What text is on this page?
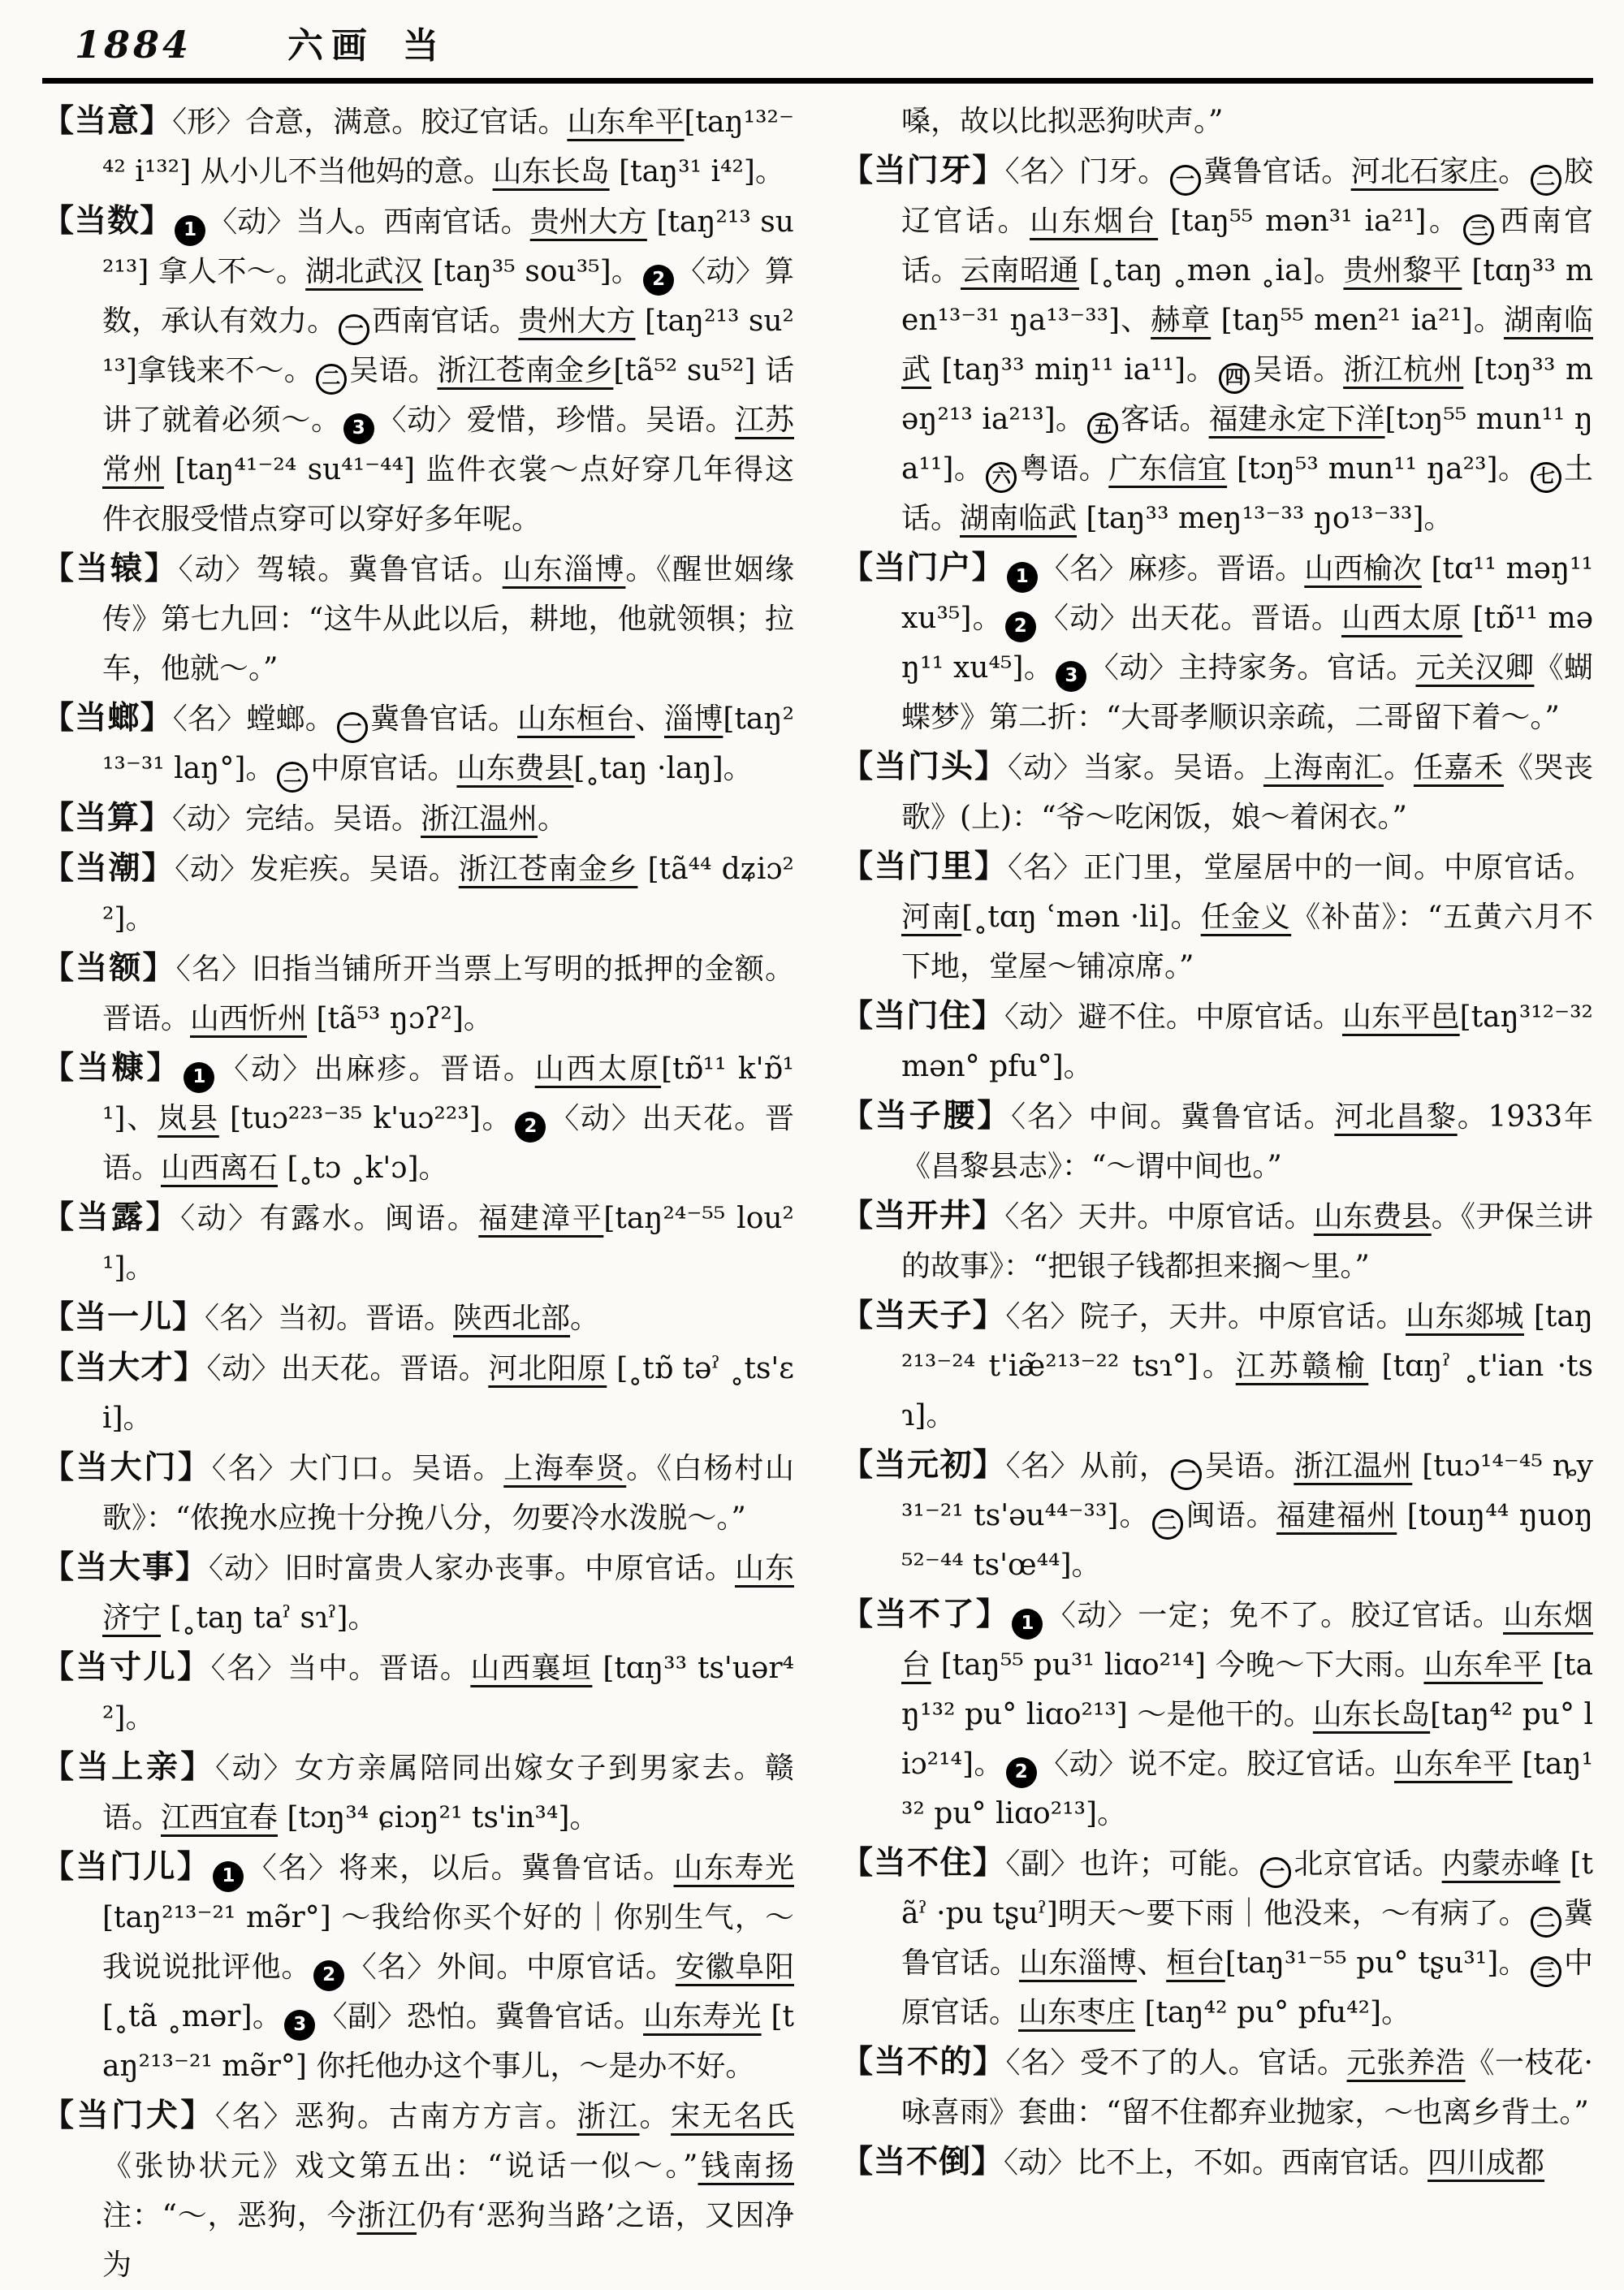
1884	六画 当

【当意】〈形〉合意，满意。胶辽官话。山东牟平[taŋ¹³²⁻⁴² i¹³²] 从小儿不当他妈的意。山东长岛 [taŋ³¹ i⁴²]。

【当数】 1 〈动〉当人。西南官话。贵州大方 [taŋ²¹³ su²¹³] 拿人不～。湖北武汉 [taŋ³⁵ sou³⁵]。 2 〈动〉算数，承认有效力。 一 西南官话。贵州大方 [taŋ²¹³ su²¹³]拿钱来不～。 二 吴语。浙江苍南金乡[tã⁵² su⁵²] 话讲了就着必须～。 3 〈动〉爱惜，珍惜。吴语。江苏常州 [taŋ⁴¹⁻²⁴ su⁴¹⁻⁴⁴] 监件衣裳～点好穿几年得这件衣服受惜点穿可以穿好多年呢。

【当辕】〈动〉驾辕。冀鲁官话。山东淄博。《醒世姻缘传》第七九回：“这牛从此以后，耕地，他就领犋；拉车，他就～。”

【当螂】〈名〉螳螂。 一 冀鲁官话。山东桓台、淄博[taŋ²¹³⁻³¹ laŋ°]。 二 中原官话。山东费县[˳taŋ ·laŋ]。

【当算】〈动〉完结。吴语。浙江温州。

【当潮】〈动〉发疟疾。吴语。浙江苍南金乡 [tã⁴⁴ dʑiɔ²²]。

【当额】〈名〉旧指当铺所开当票上写明的抵押的金额。晋语。山西忻州 [tã⁵³ ŋɔʔ²]。

【当糠】 1 〈动〉出麻疹。晋语。山西太原[tɒ̃¹¹ k'ɒ̃¹¹]、岚县 [tuɔ²²³⁻³⁵ k'uɔ²²³]。 2 〈动〉出天花。晋语。山西离石 [˳tɔ ˳k'ɔ]。

【当露】〈动〉有露水。闽语。福建漳平[taŋ²⁴⁻⁵⁵ lou²¹]。

【当一儿】〈名〉当初。晋语。陕西北部。

【当大才】〈动〉出天花。晋语。河北阳原 [˳tɒ̃ təˀ ˳ts'ɛi]。

【当大门】〈名〉大门口。吴语。上海奉贤。《白杨村山歌》：“侬挽水应挽十分挽八分，勿要冷水泼脱～。”

【当大事】〈动〉旧时富贵人家办丧事。中原官话。山东济宁 [˳taŋ taˀ sɿˀ]。

【当寸儿】〈名〉当中。晋语。山西襄垣 [tɑŋ³³ ts'uər⁴²]。

【当上亲】〈动〉女方亲属陪同出嫁女子到男家去。赣语。江西宜春 [tɔŋ³⁴ ɕiɔŋ²¹ ts'in³⁴]。

【当门儿】 1 〈名〉将来，以后。冀鲁官话。山东寿光 [taŋ²¹³⁻²¹ mə̃r°] ～我给你买个好的｜你别生气，～我说说批评他。 2 〈名〉外间。中原官话。安徽阜阳 [˳tã ˳mər]。 3 〈副〉恐怕。冀鲁官话。山东寿光 [taŋ²¹³⁻²¹ mə̃r°] 你托他办这个事儿，～是办不好。

【当门犬】〈名〉恶狗。古南方方言。浙江。宋无名氏《张协状元》戏文第五出：“说话一似～。”钱南扬注：“～，恶狗，今浙江仍有‘恶狗当路’之语，又因净为

嗓，故以比拟恶狗吠声。”

【当门牙】〈名〉门牙。 一 冀鲁官话。河北石家庄。 二 胶辽官话。山东烟台 [taŋ⁵⁵ mən³¹ ia²¹]。 三 西南官话。云南昭通 [˳taŋ ˳mən ˳ia]。贵州黎平 [tɑŋ³³ men¹³⁻³¹ ŋa¹³⁻³³]、赫章 [taŋ⁵⁵ men²¹ ia²¹]。湖南临武 [taŋ³³ miŋ¹¹ ia¹¹]。 四 吴语。浙江杭州 [tɔŋ³³ məŋ²¹³ ia²¹³]。 五 客话。福建永定下洋[tɔŋ⁵⁵ mun¹¹ ŋa¹¹]。 六 粤语。广东信宜 [tɔŋ⁵³ mun¹¹ ŋa²³]。 七 土话。湖南临武 [taŋ³³ meŋ¹³⁻³³ ŋo¹³⁻³³]。

【当门户】 1 〈名〉麻疹。晋语。山西榆次 [tɑ¹¹ məŋ¹¹ xu³⁵]。 2 〈动〉出天花。晋语。山西太原 [tɒ̃¹¹ məŋ¹¹ xu⁴⁵]。 3 〈动〉主持家务。官话。元关汉卿《蝴蝶梦》第二折：“大哥孝顺识亲疏，二哥留下着～。”

【当门头】〈动〉当家。吴语。上海南汇。任嘉禾《哭丧歌》(上)：“爷～吃闲饭，娘～着闲衣。”

【当门里】〈名〉正门里，堂屋居中的一间。中原官话。河南[˳tɑŋ ʿmən ·li]。任金义《补苗》：“五黄六月不下地，堂屋～铺凉席。”

【当门住】〈动〉避不住。中原官话。山东平邑[taŋ³¹²⁻³² mən° pfu°]。

【当子腰】〈名〉中间。冀鲁官话。河北昌黎。1933年《昌黎县志》：“～谓中间也。”

【当开井】〈名〉天井。中原官话。山东费县。《尹保兰讲的故事》：“把银子钱都担来搁～里。”

【当天子】〈名〉院子，天井。中原官话。山东郯城 [taŋ²¹³⁻²⁴ t'iæ̃²¹³⁻²² tsɿ°]。江苏赣榆 [tɑŋˀ ˳t'ian ·tsɿ]。

【当元初】〈名〉从前， 一 吴语。浙江温州 [tuɔ¹⁴⁻⁴⁵ ȵy³¹⁻²¹ ts'əu⁴⁴⁻³³]。 二 闽语。福建福州 [touŋ⁴⁴ ŋuoŋ⁵²⁻⁴⁴ ts'œ⁴⁴]。

【当不了】 1 〈动〉一定；免不了。胶辽官话。山东烟台 [taŋ⁵⁵ pu³¹ liɑo²¹⁴] 今晚～下大雨。山东牟平 [taŋ¹³² pu° liɑo²¹³] ～是他干的。山东长岛[taŋ⁴² pu° liɔ²¹⁴]。 2 〈动〉说不定。胶辽官话。山东牟平 [taŋ¹³² pu° liɑo²¹³]。

【当不住】〈副〉也许；可能。 一 北京官话。内蒙赤峰 [tãˀ ·pu tʂuˀ]明天～要下雨｜他没来，～有病了。 二 冀鲁官话。山东淄博、桓台[taŋ³¹⁻⁵⁵ pu° tʂu³¹]。 三 中原官话。山东枣庄 [taŋ⁴² pu° pfu⁴²]。

【当不的】〈名〉受不了的人。官话。元张养浩《一枝花·咏喜雨》套曲：“留不住都弃业抛家，～也离乡背土。”

【当不倒】〈动〉比不上，不如。西南官话。四川成都
